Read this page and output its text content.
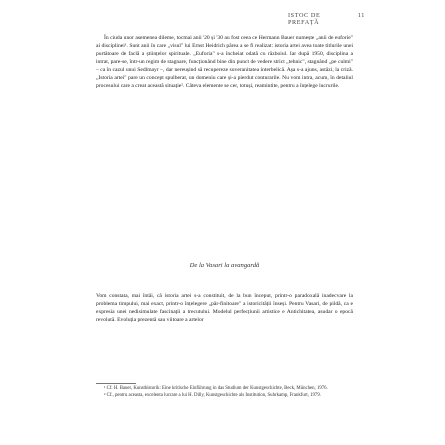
ISTOC DE PREFAȚĂ
11

În ciuda unor asemenea dileme, tocmai anii '20 și '30 au fost ceea ce Hermann Bauer numește „anii de euforie" ai disciplinei¹. Sunt anii în care „visul" lui Ernst Heidrich părea a se fi realizat: istoria artei avea toate titlurile unei purtătoare de faclă a științelor spirituale. „Euforia" s-a încheiat odată cu războiul. Iar după 1950, disciplina a intrat, pare-se, într-un regim de stagnare, funcționând bine din punct de vedere strict „tehnic", stagnând „pe culmi" – ca în cazul unui Sedlmayr –, dar nereușind să recupereze suveranitatea interbelică. Așa s-a ajuns, astăzi, la crizǎ. „Istoria artei" pare un concept spulberat, un domeniu care și-a pierdut conturarile. Nu vom intra, acum, în detaliul procesului care a creat această situație². Câteva elemente se cer, totuși, reamintite, pentru a înțelege lucrurile.

De la Vasari la avangardă

Vom constata, mai întâi, că istoria artei s-a constituit, de la bun început, printr-o paradoxală inadecvare la problema timpului, mai exact, printr-o înțelegere „pâr-finitoare" a istoricității înseși. Pentru Vasari, de pildă, ca e expresia unei nedisimulate fascinații a trecutului. Modelul perfecțiunii artistice e Antichitatea, asudar o epocă revolută. Evoluția prezentă sau viitoare a artelor

¹ Cf. H. Bauer, Kunsthistorik: Eine kritische Einführung in das Studium der Kunstgeschichte, Beck, München, 1976.

² Cf., pentru aceasta, excelenta lucrare a lui H. Dilly, Kunstgeschichte als Institution, Suhrkamp, Frankfurt, 1979.
